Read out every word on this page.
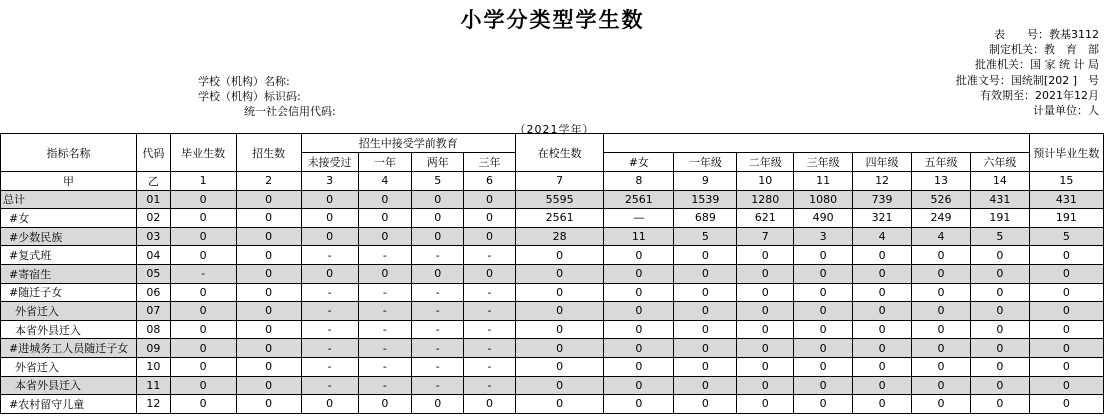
小学分类型学生数
表　　号：教基3112
制定机关：教　育　部
批准机关：国 家 统 计 局
批准文号：国统制[202 ]　号
有效期至：2021年12月
计量单位：人
学校（机构）名称:
学校（机构）标识码:
统一社会信用代码:
（2021学年）
指标名称	代码	毕业生数	招生数	招生中接受学前教育				在校生数								预计毕业生数
				未接受过	一年	两年	三年		#女	一年级	二年级	三年级	四年级	五年级	六年级	
甲	乙	1	2	3	4	5	6	7	8	9	10	11	12	13	14	15
总计	01	0	0	0	0	0	0	5595	2561	1539	1280	1080	739	526	431	431
#女	02	0	0	0	0	0	0	2561	—	689	621	490	321	249	191	191
#少数民族	03	0	0	0	0	0	0	28	11	5	7	3	4	4	5	5
#复式班	04	0	0	-	-	-	-	0	0	0	0	0	0	0	0	0
#寄宿生	05	-	0	0	0	0	0	0	0	0	0	0	0	0	0	0
#随迁子女	06	0	0	-	-	-	-	0	0	0	0	0	0	0	0	0
外省迁入	07	0	0	-	-	-	-	0	0	0	0	0	0	0	0	0
本省外县迁入	08	0	0	-	-	-	-	0	0	0	0	0	0	0	0	0
#进城务工人员随迁子女	09	0	0	-	-	-	-	0	0	0	0	0	0	0	0	0
外省迁入	10	0	0	-	-	-	-	0	0	0	0	0	0	0	0	0
本省外县迁入	11	0	0	-	-	-	-	0	0	0	0	0	0	0	0	0
#农村留守儿童	12	0	0	0	0	0	0	0	0	0	0	0	0	0	0	0
